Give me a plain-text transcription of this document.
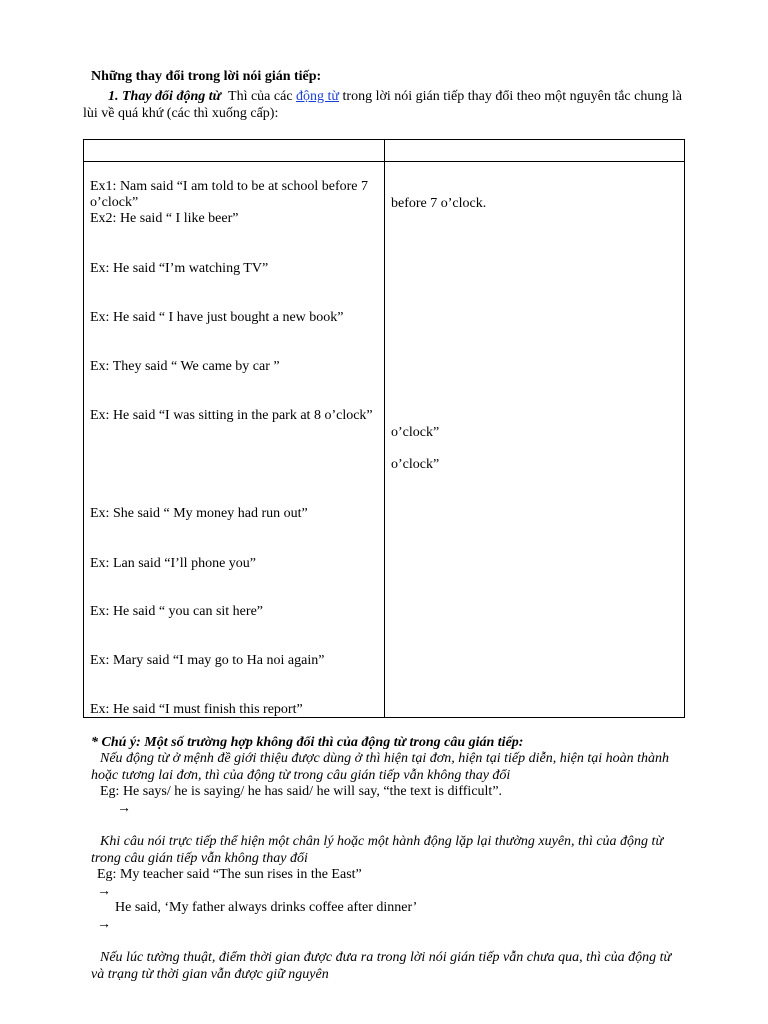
Những thay đổi trong lời nói gián tiếp:
1. Thay đổi động từ Thì của các động từ trong lời nói gián tiếp thay đổi theo một nguyên tắc chung là
lùi về quá khứ (các thì xuống cấp):
Ex1: Nam said “I am told to be at school before 7
o’clock”
Ex2: He said “ I like beer”
Ex: He said “I’m watching TV”
Ex: He said “ I have just bought a new book”
Ex: They said “ We came by car ”
Ex: He said “I was sitting in the park at 8 o’clock”
Ex: She said “ My money had run out”
Ex: Lan said “I’ll phone you”
Ex: He said “ you can sit here”
Ex: Mary said “I may go to Ha noi again”
Ex: He said “I must finish this report”
before 7 o’clock.
o’clock”
o’clock”
* Chú ý: Một số trường hợp không đổi thì của động từ trong câu gián tiếp:
Nếu động từ ở mệnh đề giới thiệu được dùng ở thì hiện tại đơn, hiện tại tiếp diễn, hiện tại hoàn thành
hoặc tương lai đơn, thì của động từ trong câu gián tiếp vẫn không thay đổi
Eg: He says/ he is saying/ he has said/ he will say, “the text is difficult”.
→
Khi câu nói trực tiếp thể hiện một chân lý hoặc một hành động lặp lại thường xuyên, thì của động từ
trong câu gián tiếp vẫn không thay đổi
Eg: My teacher said “The sun rises in the East”
→
He said, ‘My father always drinks coffee after dinner’
→
Nếu lúc tường thuật, điểm thời gian được đưa ra trong lời nói gián tiếp vẫn chưa qua, thì của động từ
và trạng từ thời gian vẫn được giữ nguyên
